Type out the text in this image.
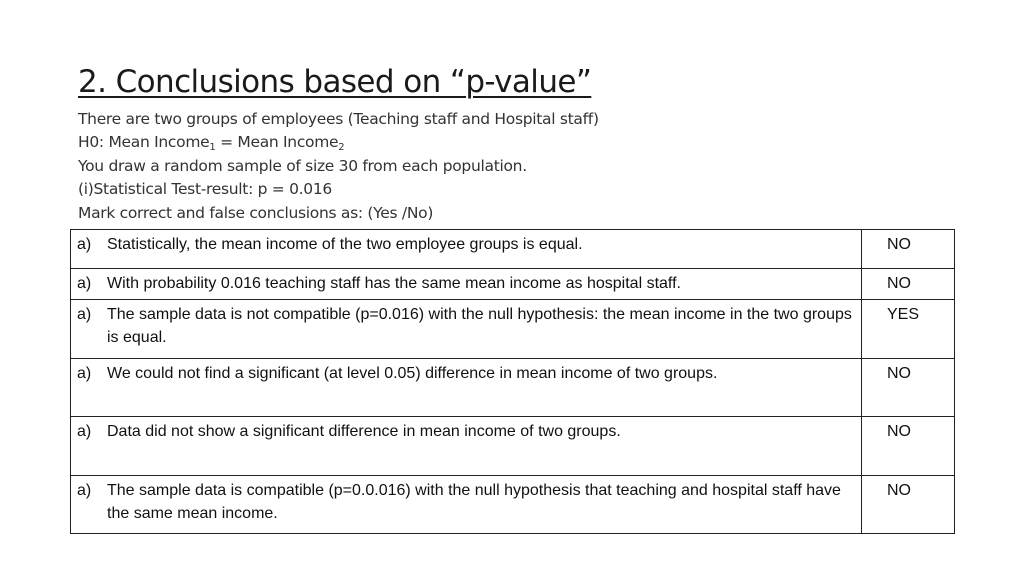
2. Conclusions based on “p-value”
There are two groups of employees (Teaching staff and Hospital staff)
H0: Mean Income$_1$ = Mean Income$_2$
You draw a random sample of size 30 from each population.
(i)Statistical Test-result: p = 0.016
Mark correct and false conclusions as: (Yes /No)
a) Statistically, the mean income of the two employee groups is equal.	NO

a) With probability 0.016 teaching staff has the same mean income as hospital staff.	NO

a) The sample data is not compatible (p=0.016) with the null hypothesis: the mean income in the two groups is equal.	YES

a) We could not find a significant (at level 0.05) difference in mean income of two groups.	NO

a) Data did not show a significant difference in mean income of two groups.	NO

a) The sample data is compatible (p=0.0.016) with the null hypothesis that teaching and hospital staff have the same mean income.	NO
